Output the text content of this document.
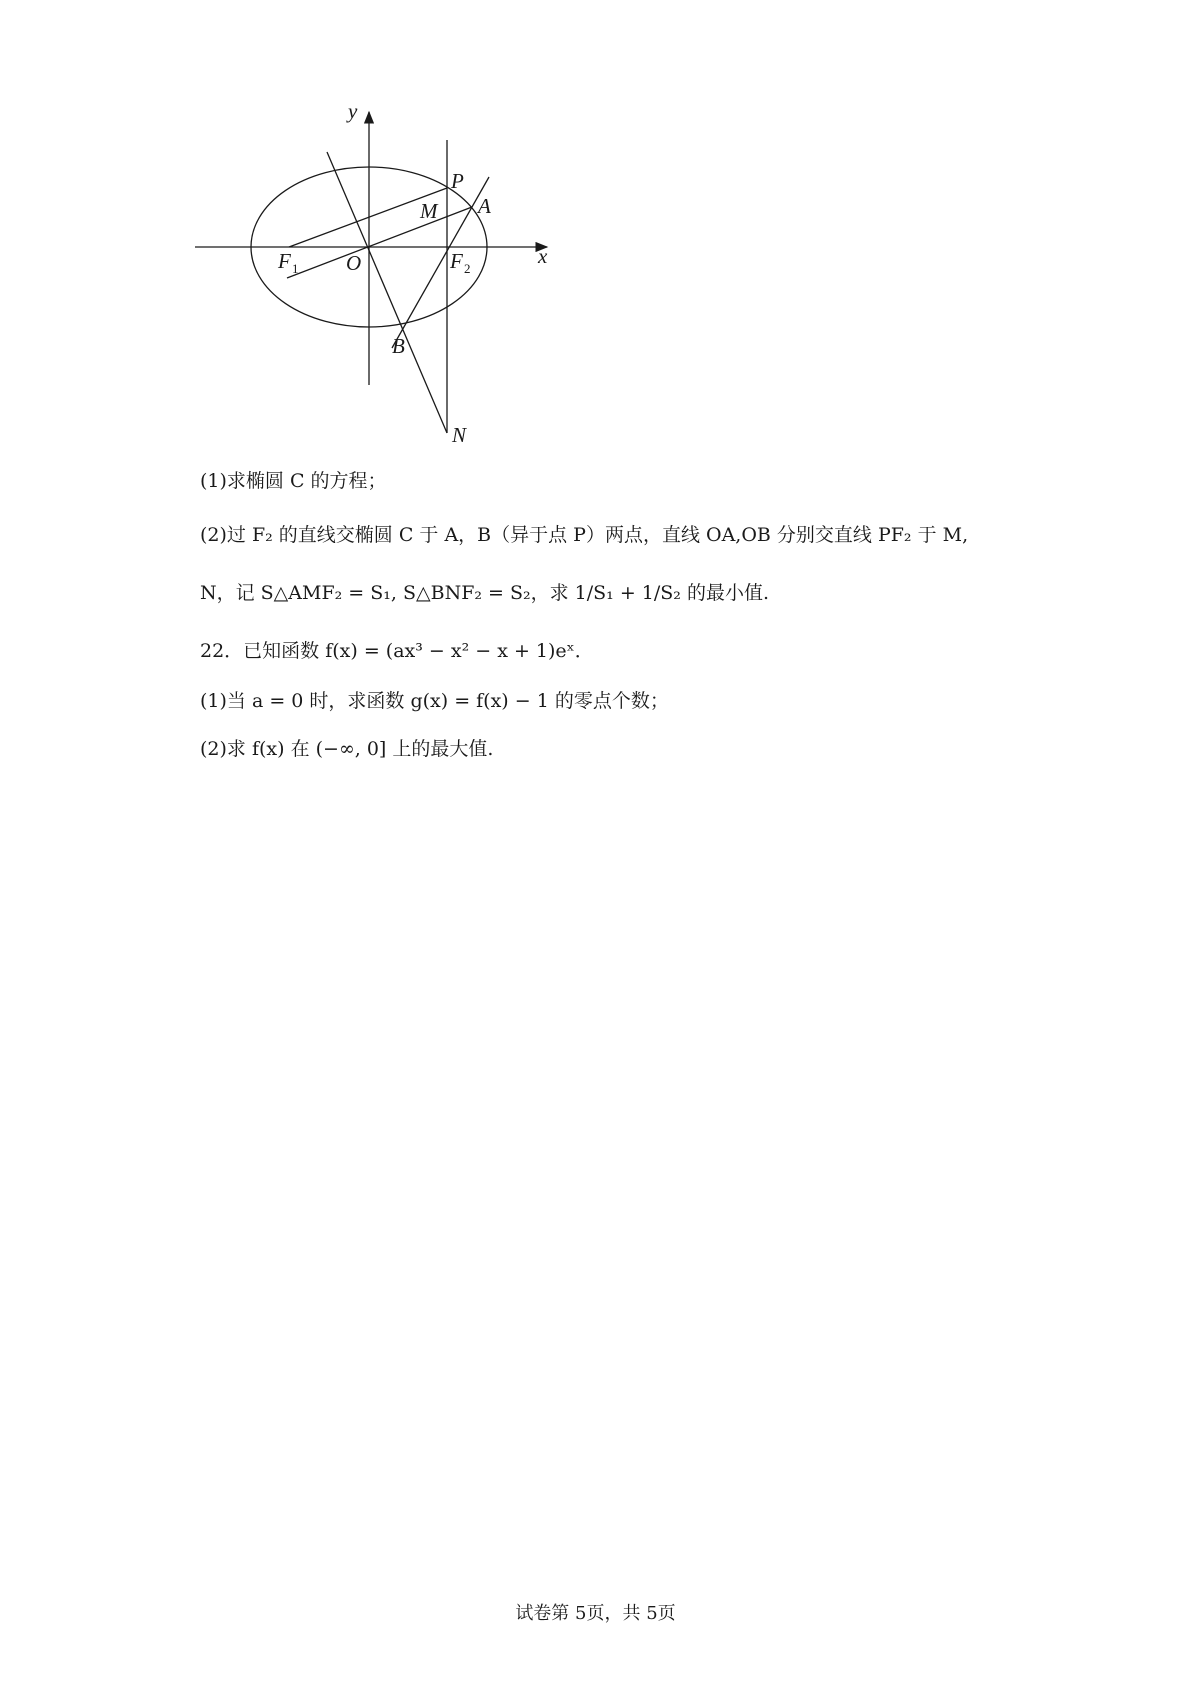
y
x
P
M A
F 1 O	F 2
B
N
(1)求椭圆 C 的方程；
(2)过 F₂ 的直线交椭圆 C 于 A，B（异于点 P）两点，直线 OA,OB 分别交直线 PF₂ 于 M,
N，记 S△AMF₂ = S₁, S△BNF₂ = S₂，求 1/S₁ + 1/S₂ 的最小值.
22．已知函数 f(x) = (ax³ − x² − x + 1)eˣ．
(1)当 a = 0 时，求函数 g(x) = f(x) − 1 的零点个数；
(2)求 f(x) 在 (−∞, 0] 上的最大值.
试卷第 5页，共 5页
